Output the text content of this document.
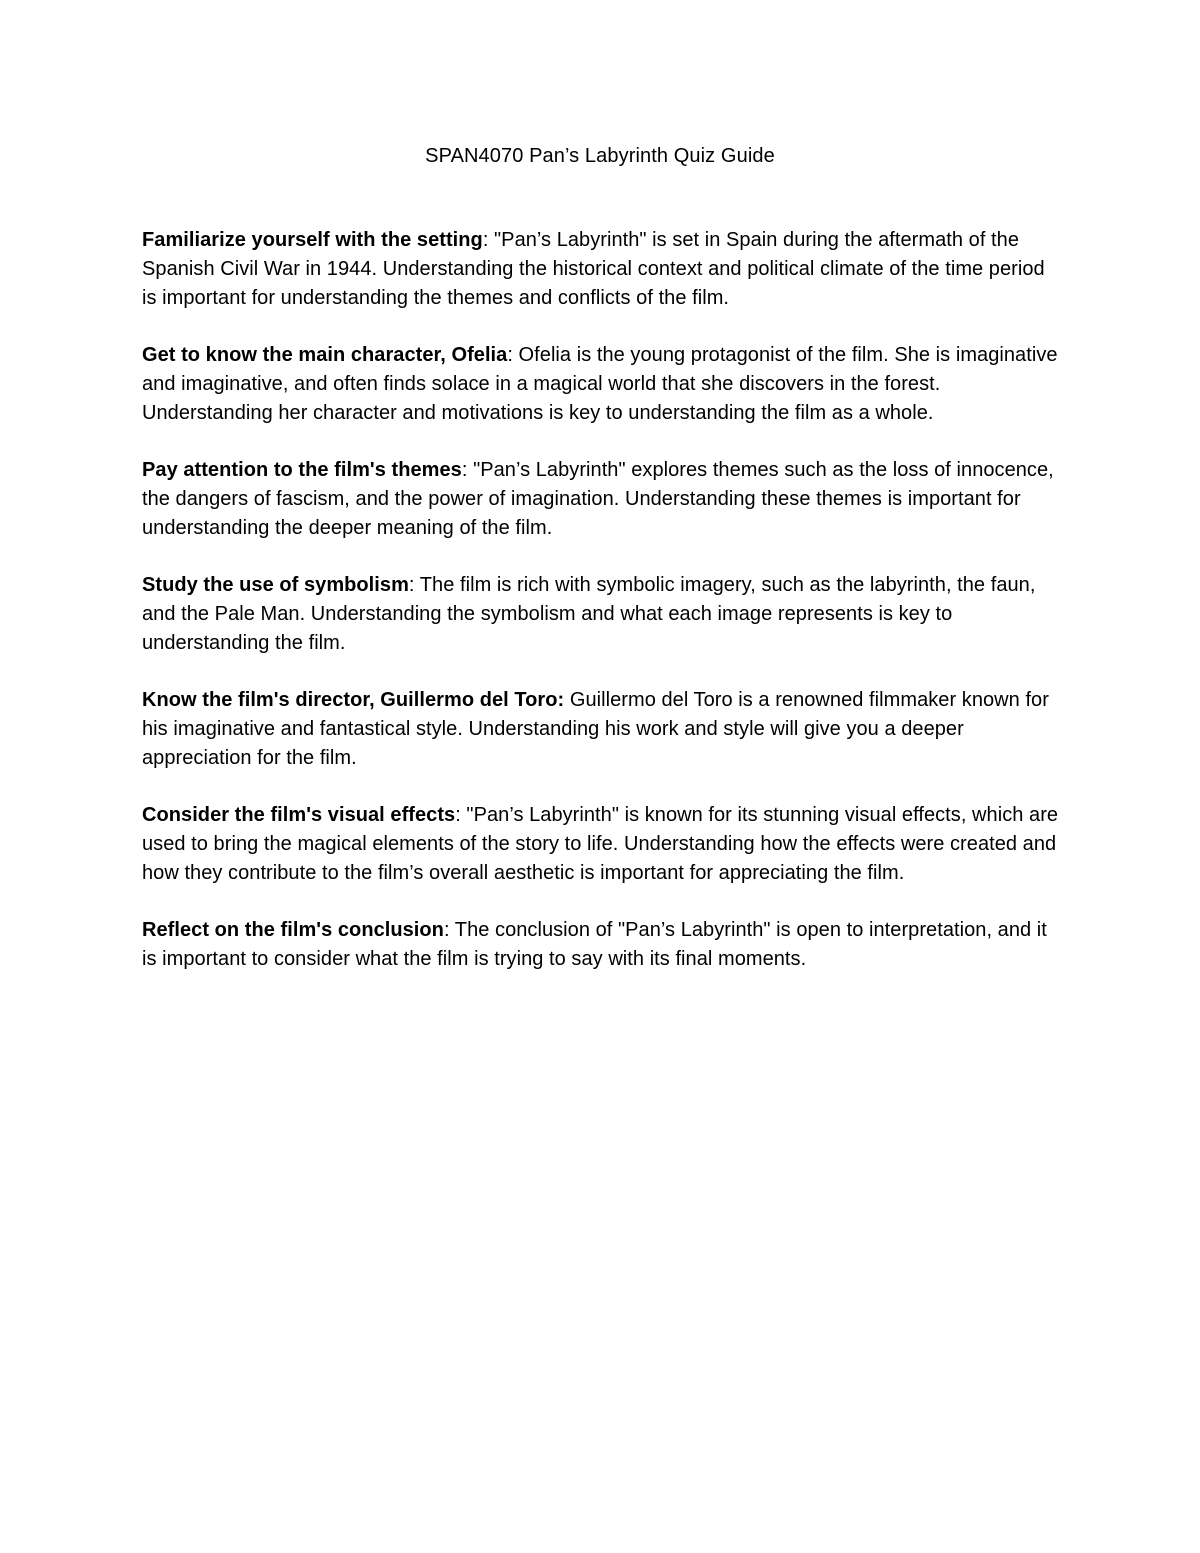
SPAN4070 Pan’s Labyrinth Quiz Guide

Familiarize yourself with the setting: "Pan’s Labyrinth" is set in Spain during the aftermath of the Spanish Civil War in 1944. Understanding the historical context and political climate of the time period is important for understanding the themes and conflicts of the film.

Get to know the main character, Ofelia: Ofelia is the young protagonist of the film. She is imaginative and imaginative, and often finds solace in a magical world that she discovers in the forest. Understanding her character and motivations is key to understanding the film as a whole.

Pay attention to the film's themes: "Pan’s Labyrinth" explores themes such as the loss of innocence, the dangers of fascism, and the power of imagination. Understanding these themes is important for understanding the deeper meaning of the film.

Study the use of symbolism: The film is rich with symbolic imagery, such as the labyrinth, the faun, and the Pale Man. Understanding the symbolism and what each image represents is key to understanding the film.

Know the film's director, Guillermo del Toro: Guillermo del Toro is a renowned filmmaker known for his imaginative and fantastical style. Understanding his work and style will give you a deeper appreciation for the film.

Consider the film's visual effects: "Pan’s Labyrinth" is known for its stunning visual effects, which are used to bring the magical elements of the story to life. Understanding how the effects were created and how they contribute to the film’s overall aesthetic is important for appreciating the film.

Reflect on the film's conclusion: The conclusion of "Pan’s Labyrinth" is open to interpretation, and it is important to consider what the film is trying to say with its final moments.
